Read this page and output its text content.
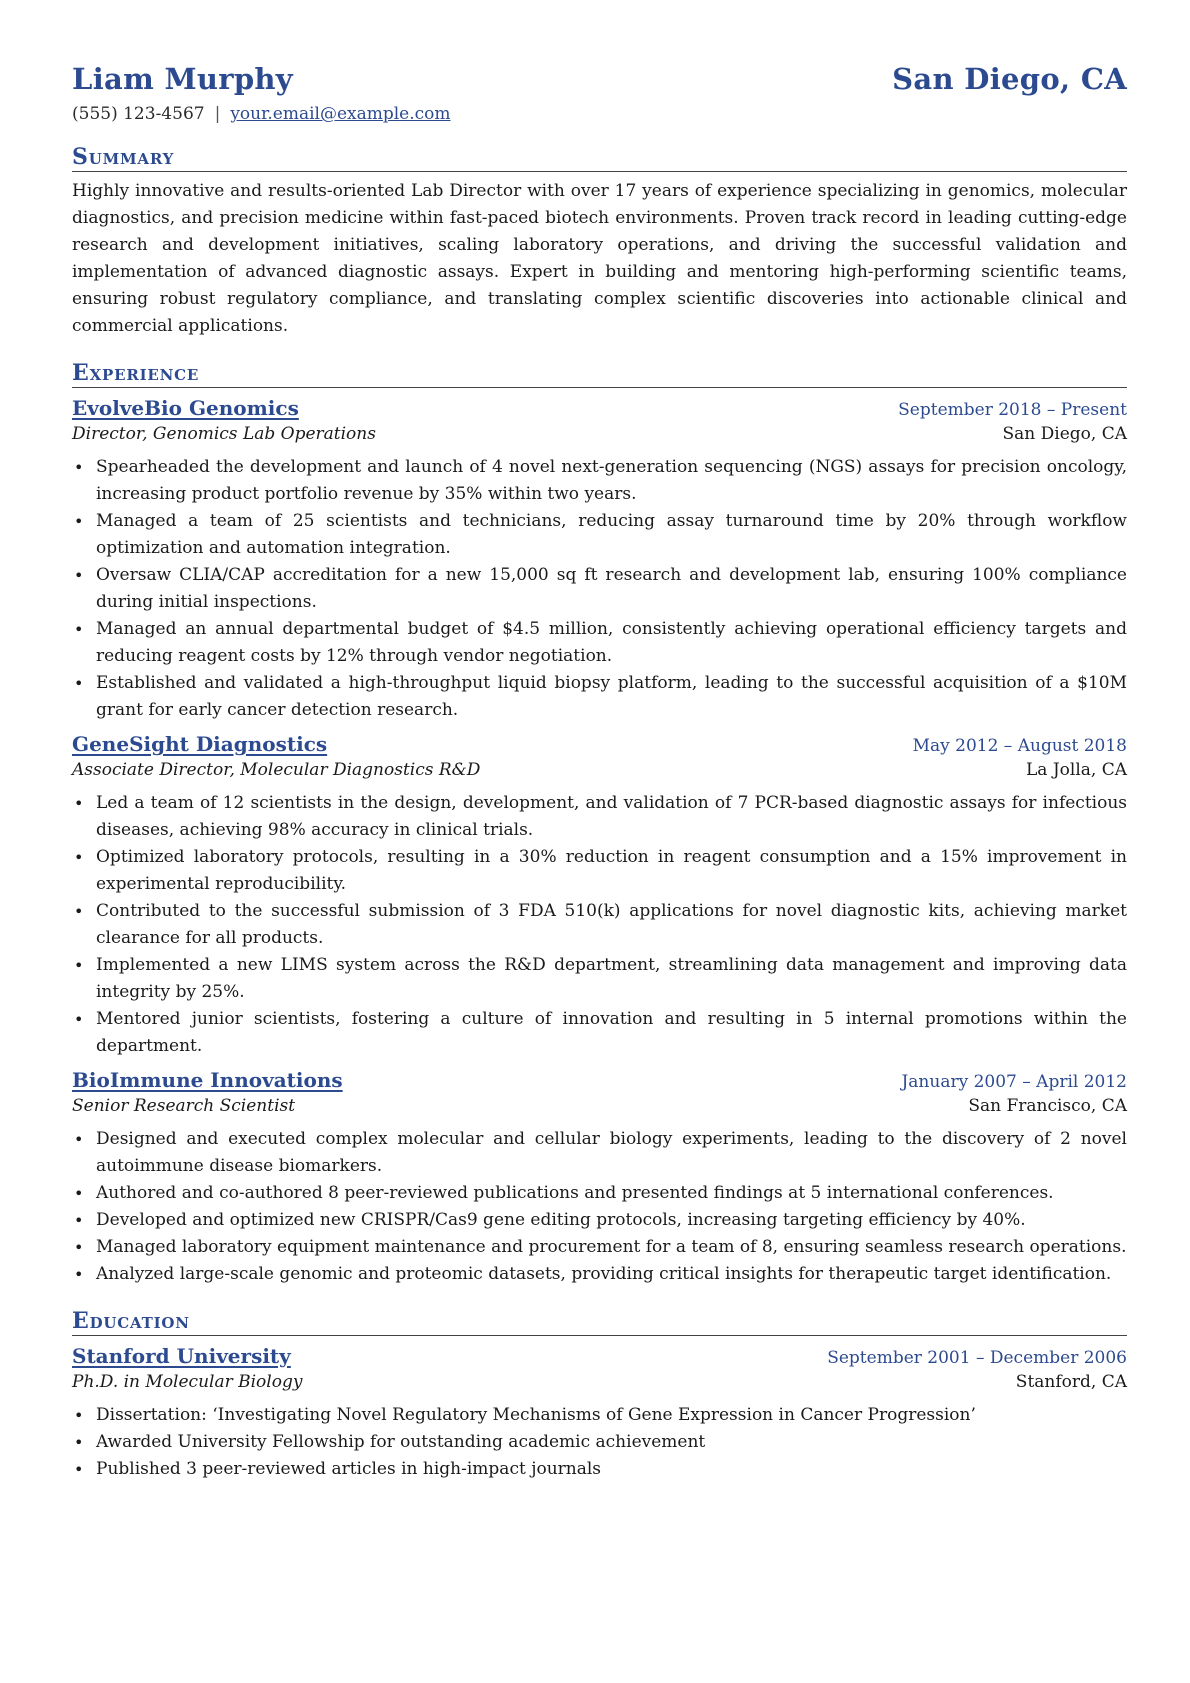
Liam Murphy	San Diego, CA
(555) 123-4567 | your.email@example.com
Summary
Highly innovative and results-oriented Lab Director with over 17 years of experience specializing in genomics, molecular diagnostics, and precision medicine within fast-paced biotech environments. Proven track record in leading cutting-edge research and development initiatives, scaling laboratory operations, and driving the successful validation and implementation of advanced diagnostic assays. Expert in building and mentoring high-performing scientific teams, ensuring robust regulatory compliance, and translating complex scientific discoveries into actionable clinical and commercial applications.
Experience
EvolveBio Genomics	September 2018 – Present
Director, Genomics Lab Operations	San Diego, CA
• Spearheaded the development and launch of 4 novel next-generation sequencing (NGS) assays for precision oncology, increasing product portfolio revenue by 35% within two years.
• Managed a team of 25 scientists and technicians, reducing assay turnaround time by 20% through workflow optimization and automation integration.
• Oversaw CLIA/CAP accreditation for a new 15,000 sq ft research and development lab, ensuring 100% compliance during initial inspections.
• Managed an annual departmental budget of $4.5 million, consistently achieving operational efficiency targets and reducing reagent costs by 12% through vendor negotiation.
• Established and validated a high-throughput liquid biopsy platform, leading to the successful acquisition of a $10M grant for early cancer detection research.
GeneSight Diagnostics	May 2012 – August 2018
Associate Director, Molecular Diagnostics R&D	La Jolla, CA
• Led a team of 12 scientists in the design, development, and validation of 7 PCR-based diagnostic assays for infectious diseases, achieving 98% accuracy in clinical trials.
• Optimized laboratory protocols, resulting in a 30% reduction in reagent consumption and a 15% improvement in experimental reproducibility.
• Contributed to the successful submission of 3 FDA 510(k) applications for novel diagnostic kits, achieving market clearance for all products.
• Implemented a new LIMS system across the R&D department, streamlining data management and improving data integrity by 25%.
• Mentored junior scientists, fostering a culture of innovation and resulting in 5 internal promotions within the department.
BioImmune Innovations	January 2007 – April 2012
Senior Research Scientist	San Francisco, CA
• Designed and executed complex molecular and cellular biology experiments, leading to the discovery of 2 novel autoimmune disease biomarkers.
• Authored and co-authored 8 peer-reviewed publications and presented findings at 5 international conferences.
• Developed and optimized new CRISPR/Cas9 gene editing protocols, increasing targeting efficiency by 40%.
• Managed laboratory equipment maintenance and procurement for a team of 8, ensuring seamless research operations.
• Analyzed large-scale genomic and proteomic datasets, providing critical insights for therapeutic target identification.
Education
Stanford University	September 2001 – December 2006
Ph.D. in Molecular Biology	Stanford, CA
• Dissertation: ‘Investigating Novel Regulatory Mechanisms of Gene Expression in Cancer Progression’
• Awarded University Fellowship for outstanding academic achievement
• Published 3 peer-reviewed articles in high-impact journals
